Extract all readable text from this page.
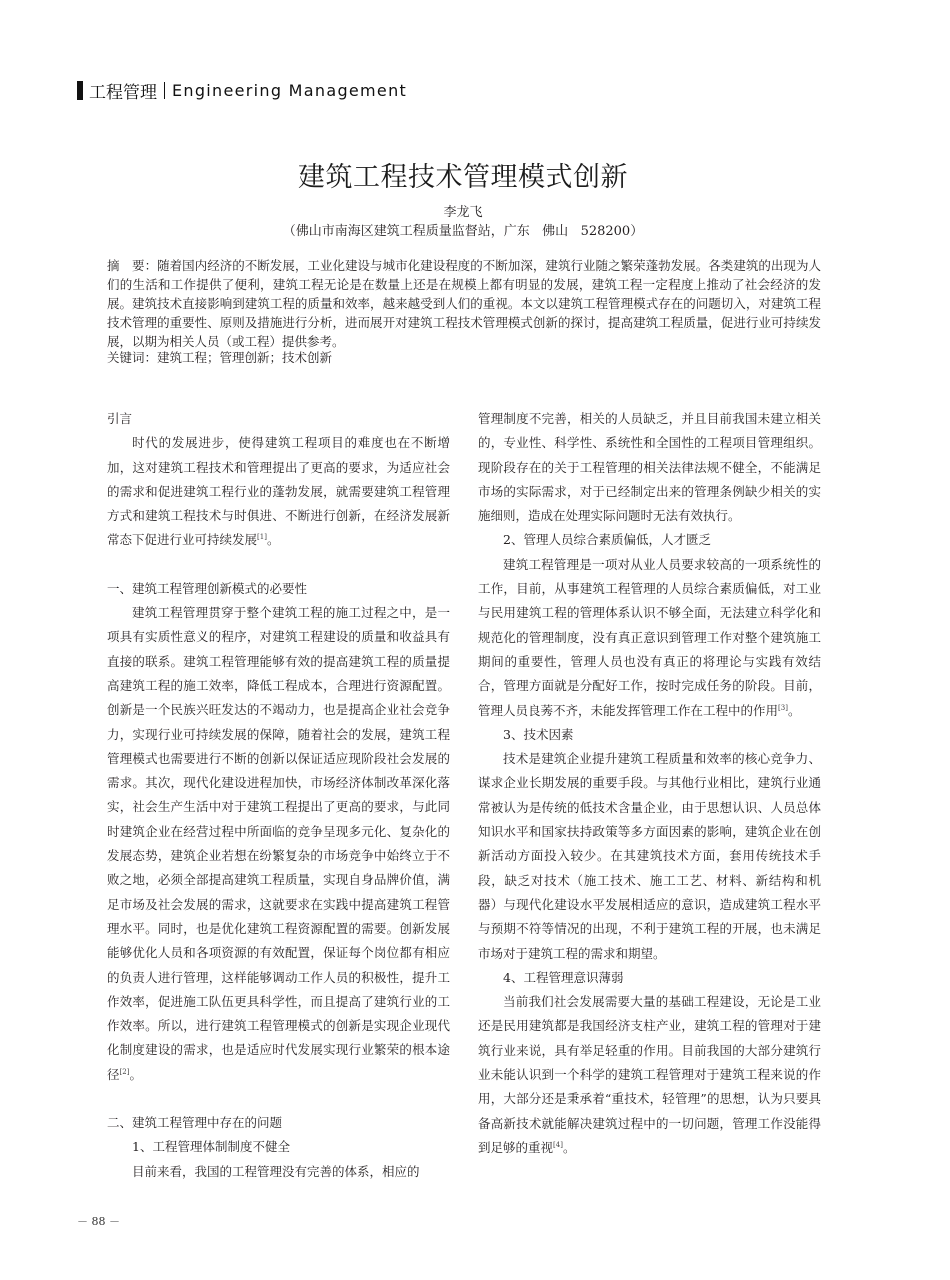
工程管理 Engineering Management
建筑工程技术管理模式创新
李龙飞
（佛山市南海区建筑工程质量监督站，广东   佛山   528200）
摘　要：随着国内经济的不断发展，工业化建设与城市化建设程度的不断加深，建筑行业随之繁荣蓬勃发展。各类建筑的出现为人们的生活和工作提供了便利，建筑工程无论是在数量上还是在规模上都有明显的发展，建筑工程一定程度上推动了社会经济的发展。建筑技术直接影响到建筑工程的质量和效率，越来越受到人们的重视。本文以建筑工程管理模式存在的问题切入，对建筑工程技术管理的重要性、原则及措施进行分析，进而展开对建筑工程技术管理模式创新的探讨，提高建筑工程质量，促进行业可持续发展，以期为相关人员（或工程）提供参考。
关键词：建筑工程；管理创新；技术创新

引言

时代的发展进步，使得建筑工程项目的难度也在不断增加，这对建筑工程技术和管理提出了更高的要求，为适应社会的需求和促进建筑工程行业的蓬勃发展，就需要建筑工程管理方式和建筑工程技术与时俱进、不断进行创新，在经济发展新常态下促进行业可持续发展[1]。

一、建筑工程管理创新模式的必要性

建筑工程管理贯穿于整个建筑工程的施工过程之中，是一项具有实质性意义的程序，对建筑工程建设的质量和收益具有直接的联系。建筑工程管理能够有效的提高建筑工程的质量提高建筑工程的施工效率，降低工程成本，合理进行资源配置。创新是一个民族兴旺发达的不竭动力，也是提高企业社会竞争力，实现行业可持续发展的保障，随着社会的发展，建筑工程管理模式也需要进行不断的创新以保证适应现阶段社会发展的需求。其次，现代化建设进程加快，市场经济体制改革深化落实，社会生产生活中对于建筑工程提出了更高的要求，与此同时建筑企业在经营过程中所面临的竞争呈现多元化、复杂化的发展态势，建筑企业若想在纷繁复杂的市场竞争中始终立于不败之地，必须全部提高建筑工程质量，实现自身品牌价值，满足市场及社会发展的需求，这就要求在实践中提高建筑工程管理水平。同时，也是优化建筑工程资源配置的需要。创新发展能够优化人员和各项资源的有效配置，保证每个岗位都有相应的负责人进行管理，这样能够调动工作人员的积极性，提升工作效率，促进施工队伍更具科学性，而且提高了建筑行业的工作效率。所以，进行建筑工程管理模式的创新是实现企业现代化制度建设的需求，也是适应时代发展实现行业繁荣的根本途径[2]。

二、建筑工程管理中存在的问题

1、工程管理体制制度不健全

目前来看，我国的工程管理没有完善的体系，相应的

管理制度不完善，相关的人员缺乏，并且目前我国未建立相关的，专业性、科学性、系统性和全国性的工程项目管理组织。现阶段存在的关于工程管理的相关法律法规不健全，不能满足市场的实际需求，对于已经制定出来的管理条例缺少相关的实施细则，造成在处理实际问题时无法有效执行。

2、管理人员综合素质偏低，人才匮乏

建筑工程管理是一项对从业人员要求较高的一项系统性的工作，目前，从事建筑工程管理的人员综合素质偏低，对工业与民用建筑工程的管理体系认识不够全面，无法建立科学化和规范化的管理制度，没有真正意识到管理工作对整个建筑施工期间的重要性，管理人员也没有真正的将理论与实践有效结合，管理方面就是分配好工作，按时完成任务的阶段。目前，管理人员良莠不齐，未能发挥管理工作在工程中的作用[3]。

3、技术因素

技术是建筑企业提升建筑工程质量和效率的核心竞争力、谋求企业长期发展的重要手段。与其他行业相比，建筑行业通常被认为是传统的低技术含量企业，由于思想认识、人员总体知识水平和国家扶持政策等多方面因素的影响，建筑企业在创新活动方面投入较少。在其建筑技术方面，套用传统技术手段，缺乏对技术（施工技术、施工工艺、材料、新结构和机器）与现代化建设水平发展相适应的意识，造成建筑工程水平与预期不符等情况的出现，不利于建筑工程的开展，也未满足市场对于建筑工程的需求和期望。

4、工程管理意识薄弱

当前我们社会发展需要大量的基础工程建设，无论是工业还是民用建筑都是我国经济支柱产业，建筑工程的管理对于建筑行业来说，具有举足轻重的作用。目前我国的大部分建筑行业未能认识到一个科学的建筑工程管理对于建筑工程来说的作用，大部分还是秉承着“重技术，轻管理”的思想，认为只要具备高新技术就能解决建筑过程中的一切问题，管理工作没能得到足够的重视[4]。

－ 88 －
